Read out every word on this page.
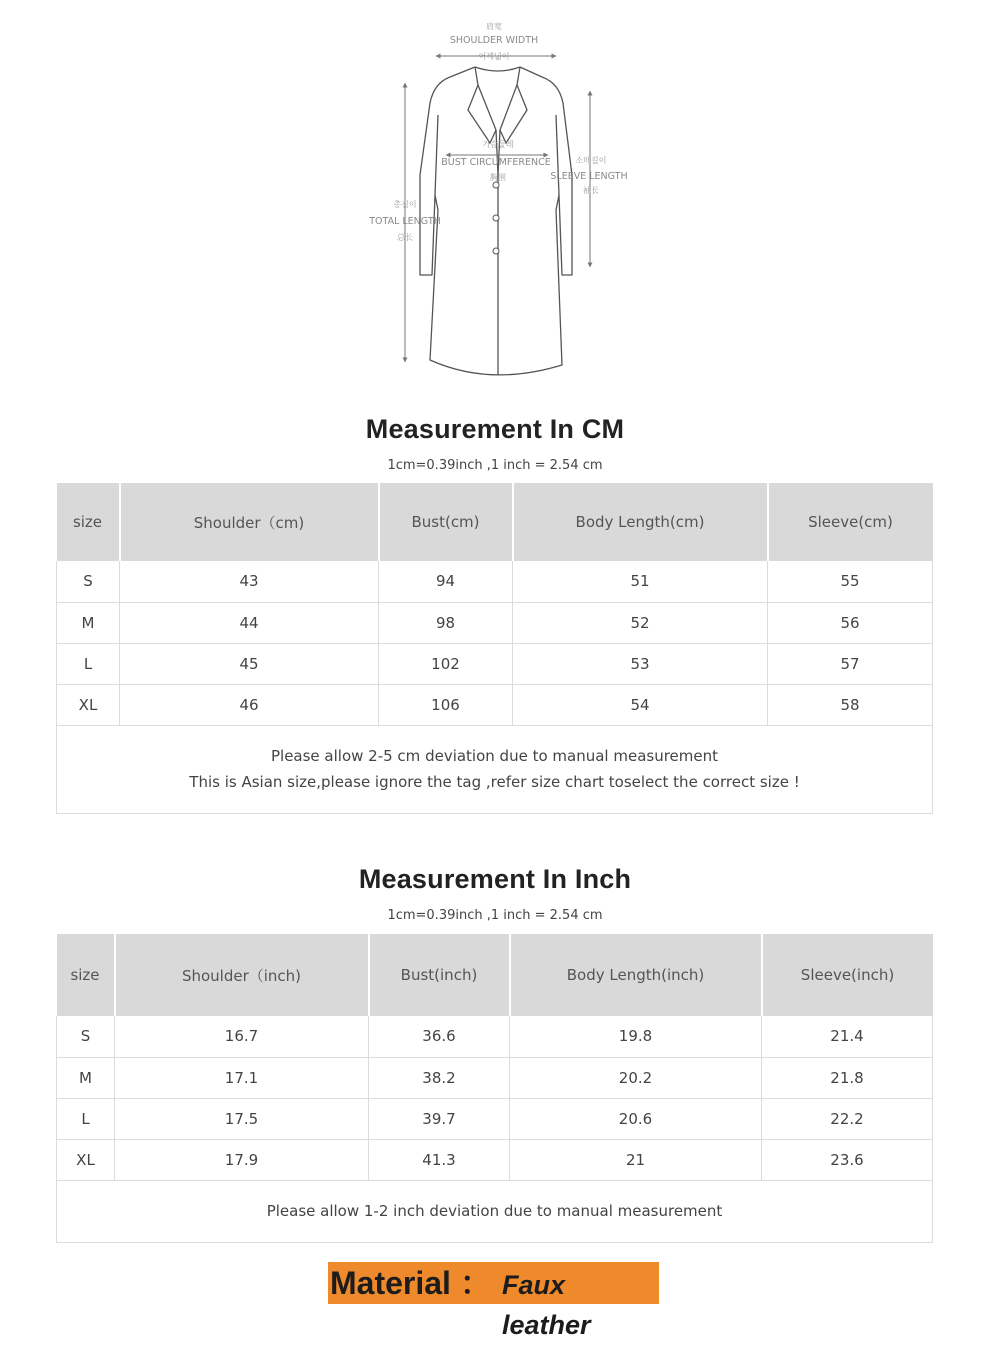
肩宽
SHOULDER WIDTH
어깨넓이
가슴둘레
BUST CIRCUMFERENCE
胸围
소매길이
SLEEVE LENGTH
袖长
총길이
TOTAL LENGTH
总长
Measurement In CM
1cm=0.39inch ,1 inch = 2.54 cm
size	Shoulder（cm)	Bust(cm)	Body Length(cm)	Sleeve(cm)
S	43	94	51	55
M	44	98	52	56
L	45	102	53	57
XL	46	106	54	58

Please allow 2-5 cm deviation due to manual measurement
This is Asian size,please ignore the tag ,refer size chart toselect the correct size !				
Measurement In Inch
1cm=0.39inch ,1 inch = 2.54 cm
size	Shoulder（inch)	Bust(inch)	Body Length(inch)	Sleeve(inch)
S	16.7	36.6	19.8	21.4
M	17.1	38.2	20.2	21.8
L	17.5	39.7	20.6	22.2
XL	17.9	41.3	21	23.6
Please allow 1-2 inch deviation due to manual measurement				
Material ： Faux leather
